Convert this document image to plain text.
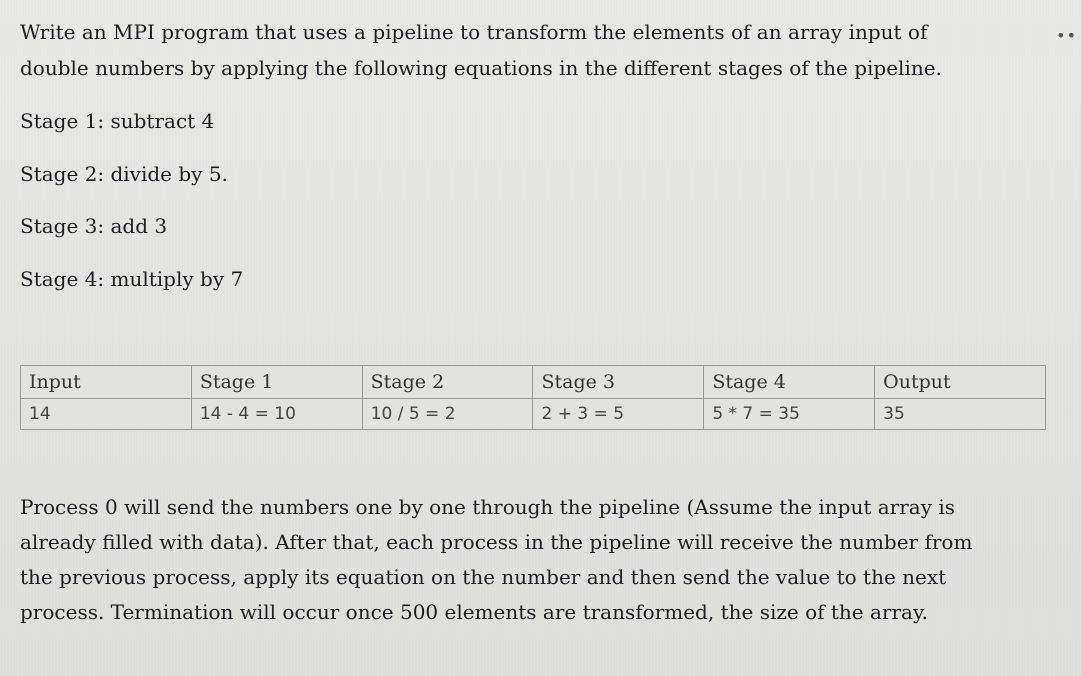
••
Write an MPI program that uses a pipeline to transform the elements of an array input of
double numbers by applying the following equations in the different stages of the pipeline.

Stage 1: subtract 4

Stage 2: divide by 5.

Stage 3: add 3

Stage 4: multiply by 7

Input	Stage 1	Stage 2	Stage 3	Stage 4	Output
14	14 - 4 = 10	10 / 5 = 2	2 + 3 = 5	5 * 7 = 35	35
Process 0 will send the numbers one by one through the pipeline (Assume the input array is
already filled with data). After that, each process in the pipeline will receive the number from
the previous process, apply its equation on the number and then send the value to the next
process. Termination will occur once 500 elements are transformed, the size of the array.
